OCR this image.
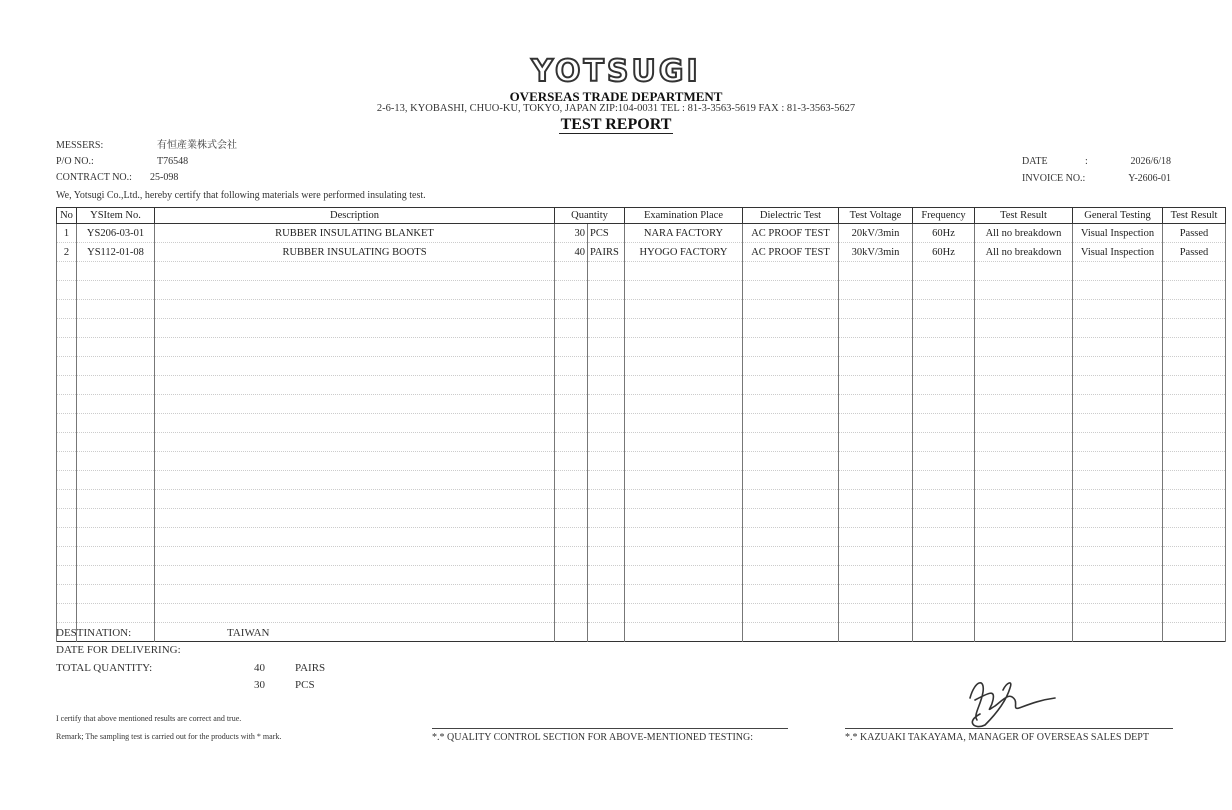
YOTSUGI
OVERSEAS TRADE DEPARTMENT
2-6-13, KYOBASHI, CHUO-KU, TOKYO, JAPAN ZIP:104-0031 TEL : 81-3-3563-5619 FAX : 81-3-3563-5627
TEST REPORT
MESSERS:	有恒產業株式会社
P/O NO.:	T76548
CONTRACT NO.: 25-098
We, Yotsugi Co.,Ltd., hereby certify that following materials were performed insulating test.
DATE	:	2026/6/18
INVOICE NO.:	Y-2606-01
No	YSItem No.	Description	Quantity		Examination Place	Dielectric Test	Test Voltage	Frequency	Test Result	General Testing	Test Result
1	YS206-03-01	RUBBER INSULATING BLANKET	30	PCS	NARA FACTORY	AC PROOF TEST	20kV/3min	60Hz	All no breakdown	Visual Inspection	Passed
2	YS112-01-08	RUBBER INSULATING BOOTS	40	PAIRS	HYOGO FACTORY	AC PROOF TEST	30kV/3min	60Hz	All no breakdown	Visual Inspection	Passed

DESTINATION:	TAIWAN
DATE FOR DELIVERING:
TOTAL QUANTITY:	40	PAIRS
30	PCS
I certify that above mentioned results are correct and true.
Remark; The sampling test is carried out for the products with * mark.	*.* QUALITY CONTROL SECTION FOR ABOVE-MENTIONED TESTING:	*.* KAZUAKI TAKAYAMA, MANAGER OF OVERSEAS SALES DEPT
